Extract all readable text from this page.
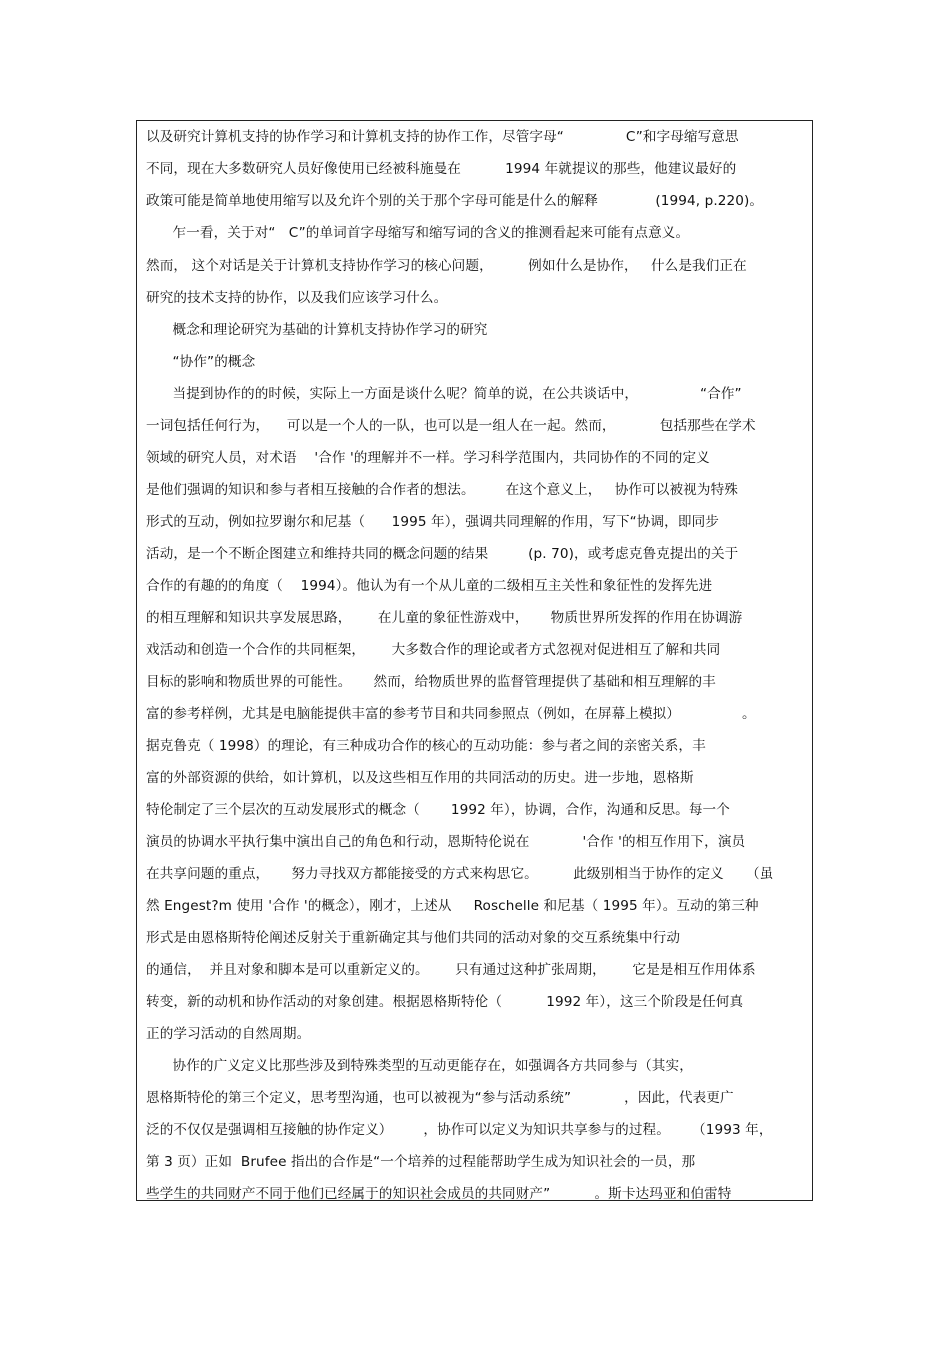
以及研究计算机支持的协作学习和计算机支持的协作工作，尽管字母“              C”和字母缩写意思
不同，现在大多数研究人员好像使用已经被科施曼在          1994 年就提议的那些，他建议最好的
政策可能是简单地使用缩写以及允许个别的关于那个字母可能是什么的解释             (1994, p.220)。
乍一看，关于对“   C”的单词首字母缩写和缩写词的含义的推测看起来可能有点意义。
然而， 这个对话是关于计算机支持协作学习的核心问题，        例如什么是协作，   什么是我们正在
研究的技术支持的协作，以及我们应该学习什么。
概念和理论研究为基础的计算机支持协作学习的研究
“协作”的概念
当提到协作的的时候，实际上一方面是谈什么呢？简单的说，在公共谈话中，              “合作”
一词包括任何行为，    可以是一个人的一队，也可以是一组人在一起。然而，          包括那些在学术
领域的研究人员，对术语    '合作 '的理解并不一样。学习科学范围内，共同协作的不同的定义
是他们强调的知识和参与者相互接触的合作者的想法。       在这个意义上，   协作可以被视为特殊
形式的互动，例如拉罗谢尔和尼基（      1995 年），强调共同理解的作用，写下“协调，即同步
活动，是一个不断企图建立和维持共同的概念问题的结果         (p. 70)，或考虑克鲁克提出的关于
合作的有趣的的角度（    1994）。他认为有一个从儿童的二级相互主关性和象征性的发挥先进
的相互理解和知识共享发展思路，      在儿童的象征性游戏中，     物质世界所发挥的作用在协调游
戏活动和创造一个合作的共同框架，      大多数合作的理论或者方式忽视对促进相互了解和共同
目标的影响和物质世界的可能性。     然而，给物质世界的监督管理提供了基础和相互理解的丰
富的参考样例，尤其是电脑能提供丰富的参考节目和共同参照点（例如，在屏幕上模拟）              。
据克鲁克（ 1998）的理论，有三种成功合作的核心的互动功能：参与者之间的亲密关系，丰
富的外部资源的供给，如计算机，以及这些相互作用的共同活动的历史。进一步地，恩格斯
特伦制定了三个层次的互动发展形式的概念（       1992 年），协调，合作，沟通和反思。每一个
演员的协调水平执行集中演出自己的角色和行动，恩斯特伦说在            '合作 '的相互作用下，演员
在共享问题的重点，     努力寻找双方都能接受的方式来构思它。        此级别相当于协作的定义     （虽
然 Engest?m 使用 '合作 '的概念），刚才，上述从     Roschelle 和尼基（ 1995 年）。互动的第三种
形式是由恩格斯特伦阐述反射关于重新确定其与他们共同的活动对象的交互系统集中行动
的通信，  并且对象和脚本是可以重新定义的。      只有通过这种扩张周期，      它是是相互作用体系
转变，新的动机和协作活动的对象创建。根据恩格斯特伦（          1992 年），这三个阶段是任何真
正的学习活动的自然周期。
协作的广义定义比那些涉及到特殊类型的互动更能存在，如强调各方共同参与（其实，
恩格斯特伦的第三个定义，思考型沟通，也可以被视为“参与活动系统”            ，因此，代表更广
泛的不仅仅是强调相互接触的协作定义）       ，协作可以定义为知识共享参与的过程。     （1993 年，
第 3 页）正如  Brufee 指出的合作是“一个培养的过程能帮助学生成为知识社会的一员，那
些学生的共同财产不同于他们已经属于的知识社会成员的共同财产”          。斯卡达玛亚和伯雷特
